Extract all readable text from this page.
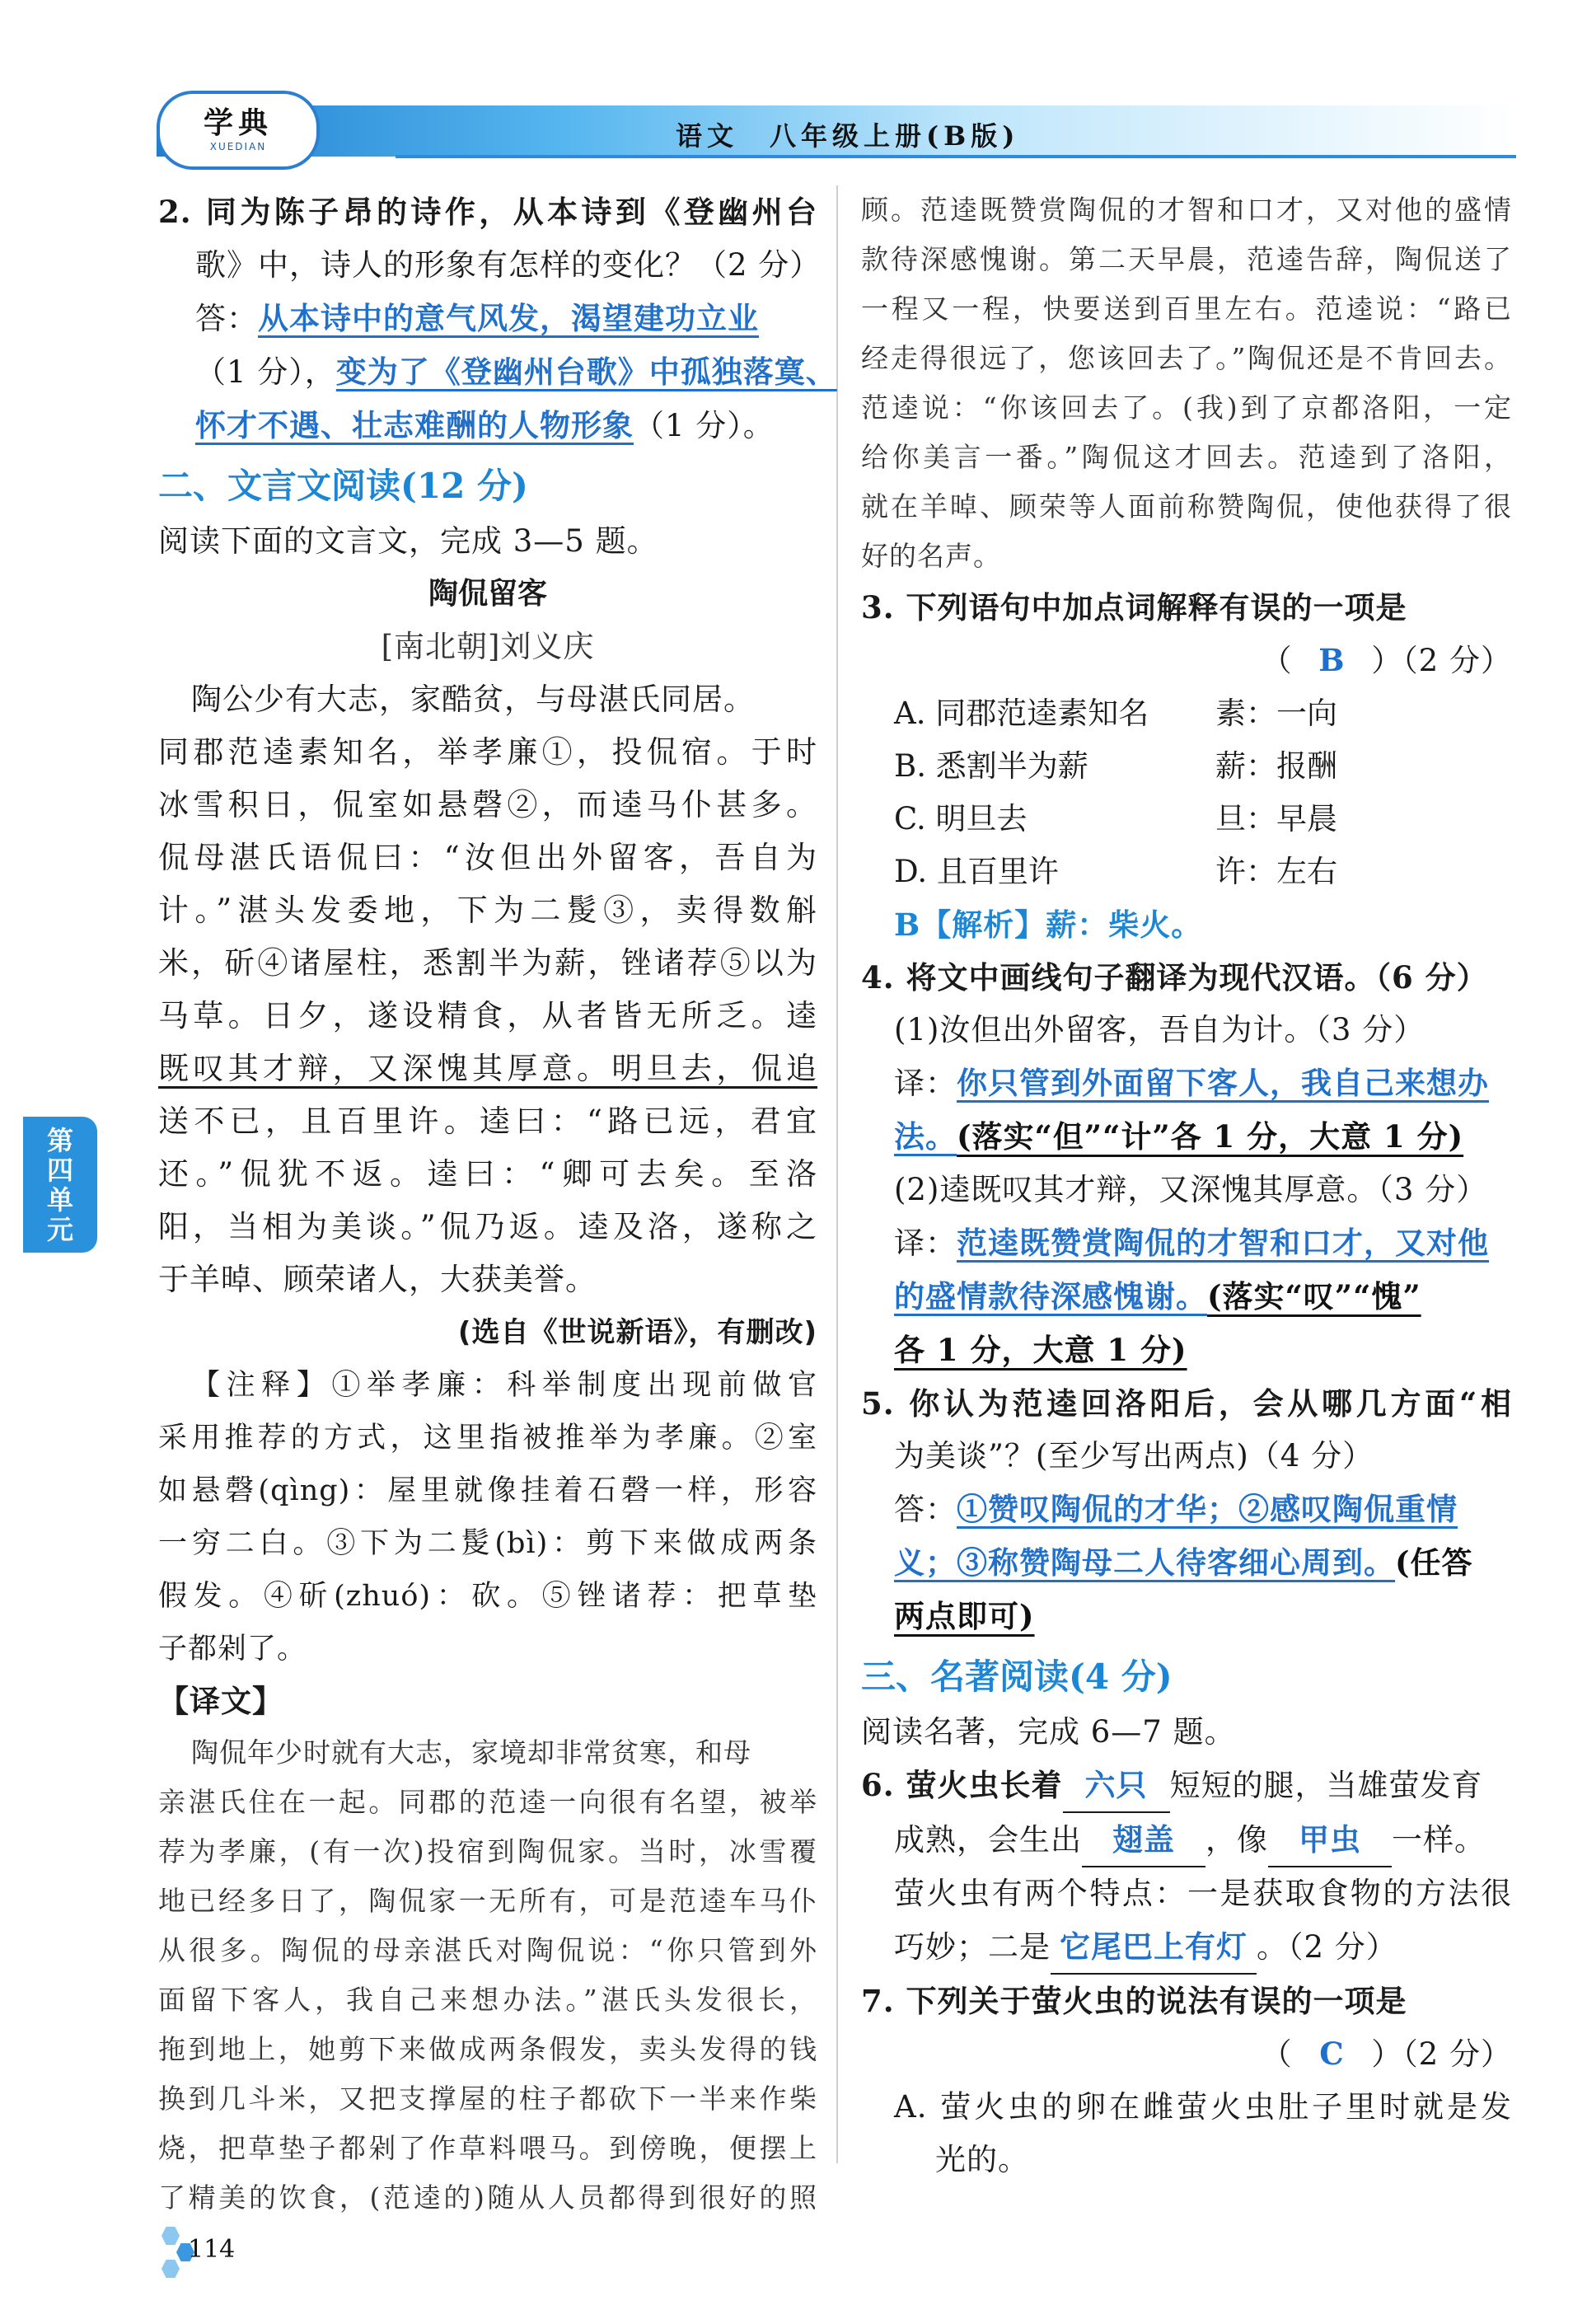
学典
XUEDIAN	语文　八年级上册(B版)
2. 同为陈子昂的诗作，从本诗到《登幽州台
歌》中，诗人的形象有怎样的变化？（2 分）
答：从本诗中的意气风发，渴望建功立业
（1 分），变为了《登幽州台歌》中孤独落寞、
怀才不遇、壮志难酬的人物形象（1 分）。
二、文言文阅读(12 分)
阅读下面的文言文，完成 3—5 题。
陶侃留客
[南北朝]刘义庆
陶公少有大志，家酷贫，与母湛氏同居。
同郡范逵素知名，举孝廉①，投侃宿。于时
冰雪积日，侃室如悬磬②，而逵马仆甚多。
侃母湛氏语侃曰：“汝但出外留客，吾自为
计。”湛头发委地，下为二髲③，卖得数斛
米，斫④诸屋柱，悉割半为薪，锉诸荐⑤以为
马草。日夕，遂设精食，从者皆无所乏。逵
既叹其才辩，又深愧其厚意。明旦去，侃追
送不已，且百里许。逵曰：“路已远，君宜
还。”侃犹不返。逵曰：“卿可去矣。至洛
阳，当相为美谈。”侃乃返。逵及洛，遂称之
于羊晫、顾荣诸人，大获美誉。
(选自《世说新语》，有删改)
【注释】①举孝廉：科举制度出现前做官
采用推荐的方式，这里指被推举为孝廉。②室
如悬磬(qìng)：屋里就像挂着石磬一样，形容
一穷二白。③下为二髲(bì)：剪下来做成两条
假发。④斫(zhuó)：砍。⑤锉诸荐：把草垫
子都剁了。
【译文】
陶侃年少时就有大志，家境却非常贫寒，和母
亲湛氏住在一起。同郡的范逵一向很有名望，被举
荐为孝廉，(有一次)投宿到陶侃家。当时，冰雪覆
地已经多日了，陶侃家一无所有，可是范逵车马仆
从很多。陶侃的母亲湛氏对陶侃说：“你只管到外
面留下客人，我自己来想办法。”湛氏头发很长，
拖到地上，她剪下来做成两条假发，卖头发得的钱
换到几斗米，又把支撑屋的柱子都砍下一半来作柴
烧，把草垫子都剁了作草料喂马。到傍晚，便摆上
了精美的饮食，(范逵的)随从人员都得到很好的照
顾。范逵既赞赏陶侃的才智和口才，又对他的盛情
款待深感愧谢。第二天早晨，范逵告辞，陶侃送了
一程又一程，快要送到百里左右。范逵说：“路已
经走得很远了，您该回去了。”陶侃还是不肯回去。
范逵说：“你该回去了。(我)到了京都洛阳，一定
给你美言一番。”陶侃这才回去。范逵到了洛阳，
就在羊晫、顾荣等人面前称赞陶侃，使他获得了很
好的名声。
3. 下列语句中加点词解释有误的一项是
（ B ）（2 分）
A. 同郡范逵素知名	素：一向
B. 悉割半为薪	薪：报酬
C. 明旦去	旦：早晨
D. 且百里许	许：左右
B【解析】薪：柴火。
4. 将文中画线句子翻译为现代汉语。（6 分）
(1)汝但出外留客，吾自为计。（3 分）
译：你只管到外面留下客人，我自己来想办
法。(落实“但”“计”各 1 分，大意 1 分)
(2)逵既叹其才辩，又深愧其厚意。（3 分）
译：范逵既赞赏陶侃的才智和口才，又对他
的盛情款待深感愧谢。(落实“叹”“愧”
各 1 分，大意 1 分)
5. 你认为范逵回洛阳后，会从哪几方面“相
为美谈”？(至少写出两点)（4 分）
答：①赞叹陶侃的才华；②感叹陶侃重情
义；③称赞陶母二人待客细心周到。(任答
两点即可)
三、名著阅读(4 分)
阅读名著，完成 6—7 题。
6. 萤火虫长着 六只 短短的腿，当雄萤发育
成熟，会生出 翅盖 ，像 甲虫 一样。
萤火虫有两个特点：一是获取食物的方法很
巧妙；二是 它尾巴上有灯 。（2 分）
7. 下列关于萤火虫的说法有误的一项是
（ C ）（2 分）
A. 萤火虫的卵在雌萤火虫肚子里时就是发
光的。
第
四
单
元
114
